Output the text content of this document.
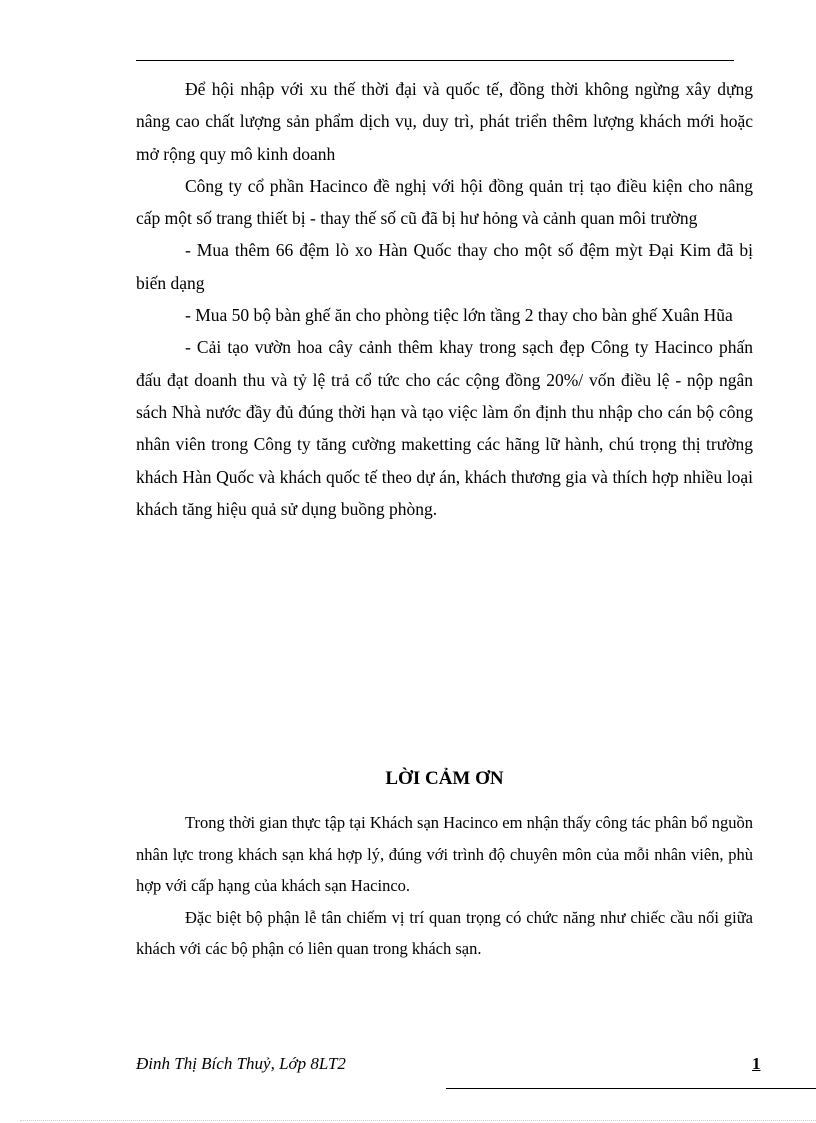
Để hội nhập với xu thế thời đại và quốc tế, đồng thời không ngừng xây dựng nâng cao chất lượng sản phẩm dịch vụ, duy trì, phát triển thêm lượng khách mới hoặc mở rộng quy mô kinh doanh

Công ty cổ phần Hacinco đề nghị với hội đồng quản trị tạo điều kiện cho nâng cấp một số trang thiết bị - thay thế số cũ đã bị hư hỏng và cảnh quan môi trường

- Mua thêm 66 đệm lò xo Hàn Quốc thay cho một số đệm mỳt Đại Kim đã bị biến dạng

- Mua 50 bộ bàn ghế ăn cho phòng tiệc lớn tầng 2 thay cho bàn ghế Xuân Hũa

- Cải tạo vườn hoa cây cảnh thêm khay trong sạch đẹp Công ty Hacinco phấn đấu đạt doanh thu và tỷ lệ trả cổ tức cho các cộng đồng 20%/ vốn điều lệ - nộp ngân sách Nhà nước đầy đủ đúng thời hạn và tạo việc làm ổn định thu nhập cho cán bộ công nhân viên trong Công ty tăng cường maketting các hãng lữ hành, chú trọng thị trường khách Hàn Quốc và khách quốc tế theo dự án, khách thương gia và thích hợp nhiều loại khách tăng hiệu quả sử dụng buồng phòng.

LỜI CẢM ƠN

Trong thời gian thực tập tại Khách sạn Hacinco em nhận thấy công tác phân bổ nguồn nhân lực trong khách sạn khá hợp lý, đúng với trình độ chuyên môn của mỗi nhân viên, phù hợp với cấp hạng của khách sạn Hacinco.

Đặc biệt bộ phận lễ tân chiếm vị trí quan trọng có chức năng như chiếc cầu nối giữa khách với các bộ phận có liên quan trong khách sạn.

Đinh Thị Bích Thuỷ, Lớp 8LT2	1
